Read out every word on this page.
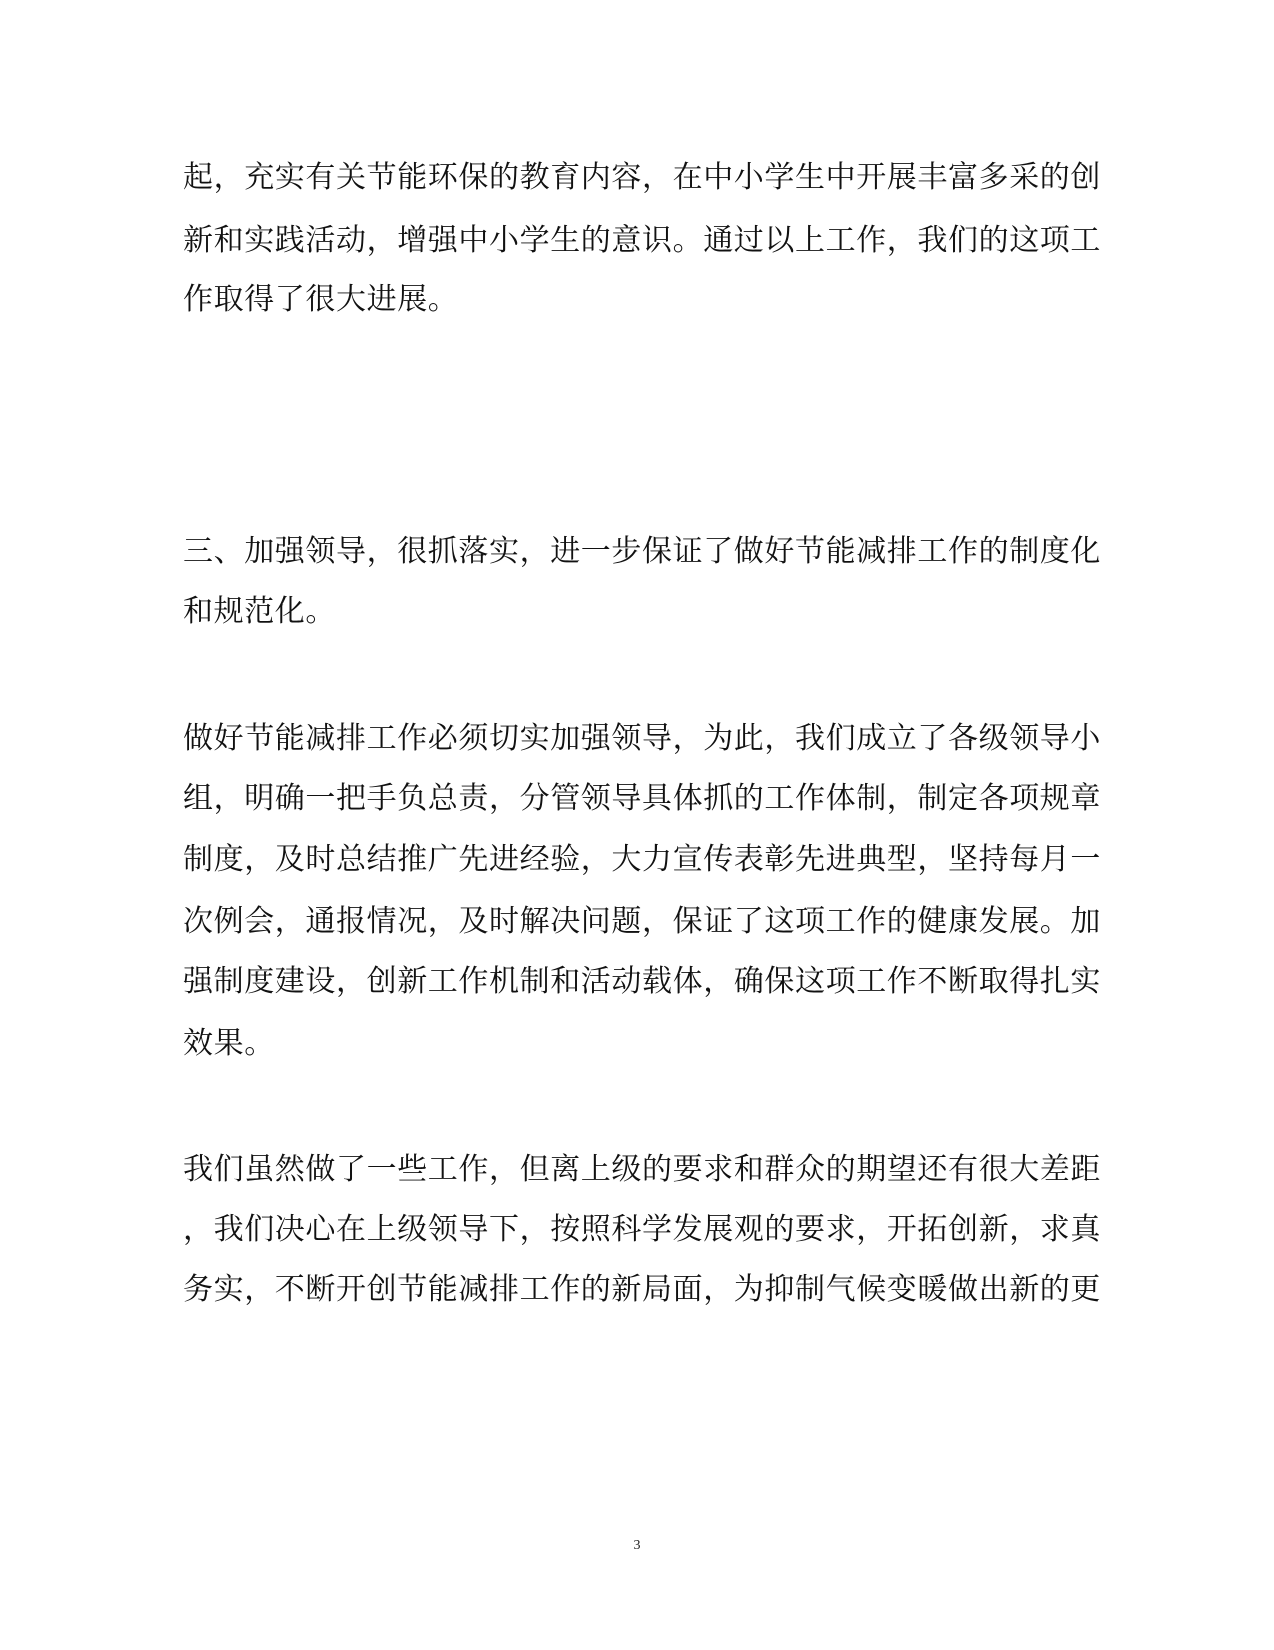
起，充实有关节能环保的教育内容，在中小学生中开展丰富多采的创
新和实践活动，增强中小学生的意识。通过以上工作，我们的这项工
作取得了很大进展。
三、加强领导，很抓落实，进一步保证了做好节能减排工作的制度化
和规范化。
做好节能减排工作必须切实加强领导，为此，我们成立了各级领导小
组，明确一把手负总责，分管领导具体抓的工作体制，制定各项规章
制度，及时总结推广先进经验，大力宣传表彰先进典型，坚持每月一
次例会，通报情况，及时解决问题，保证了这项工作的健康发展。加
强制度建设，创新工作机制和活动载体，确保这项工作不断取得扎实
效果。
我们虽然做了一些工作，但离上级的要求和群众的期望还有很大差距
，我们决心在上级领导下，按照科学发展观的要求，开拓创新，求真
务实，不断开创节能减排工作的新局面，为抑制气候变暖做出新的更
3
